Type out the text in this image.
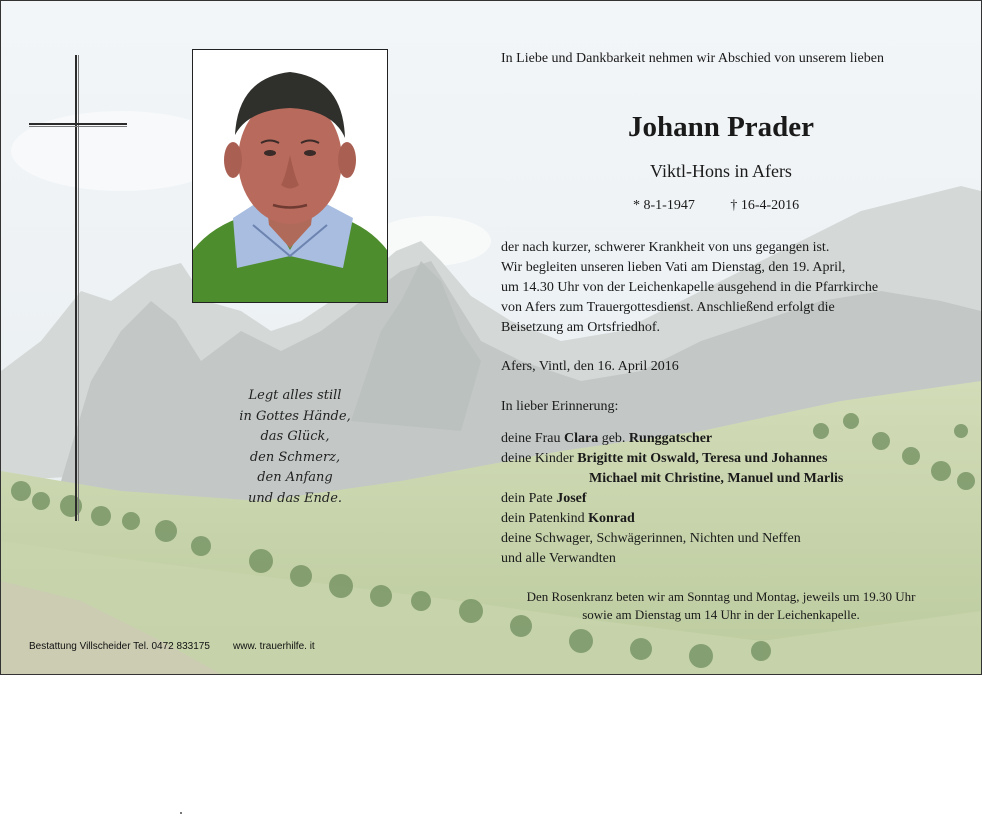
Legt alles still
in Gottes Hände,
das Glück,
den Schmerz,
den Anfang
und das Ende.
In Liebe und Dankbarkeit nehmen wir Abschied von unserem lieben
Johann Prader
Viktl-Hons in Afers
* 8-1-1947	† 16-4-2016
der nach kurzer, schwerer Krankheit von uns gegangen ist.
Wir begleiten unseren lieben Vati am Dienstag, den 19. April,
um 14.30 Uhr von der Leichenkapelle ausgehend in die Pfarrkirche
von Afers zum Trauergottesdienst. Anschließend erfolgt die
Beisetzung am Ortsfriedhof.
Afers, Vintl, den 16. April 2016
In lieber Erinnerung:
deine Frau Clara geb. Runggatscher
deine Kinder Brigitte mit Oswald, Teresa und Johannes
Michael mit Christine, Manuel und Marlis
dein Pate Josef
dein Patenkind Konrad
deine Schwager, Schwägerinnen, Nichten und Neffen
und alle Verwandten
Den Rosenkranz beten wir am Sonntag und Montag, jeweils um 19.30 Uhr
sowie am Dienstag um 14 Uhr in der Leichenkapelle.
Bestattung Villscheider Tel. 0472 833175 www. trauerhilfe. it
